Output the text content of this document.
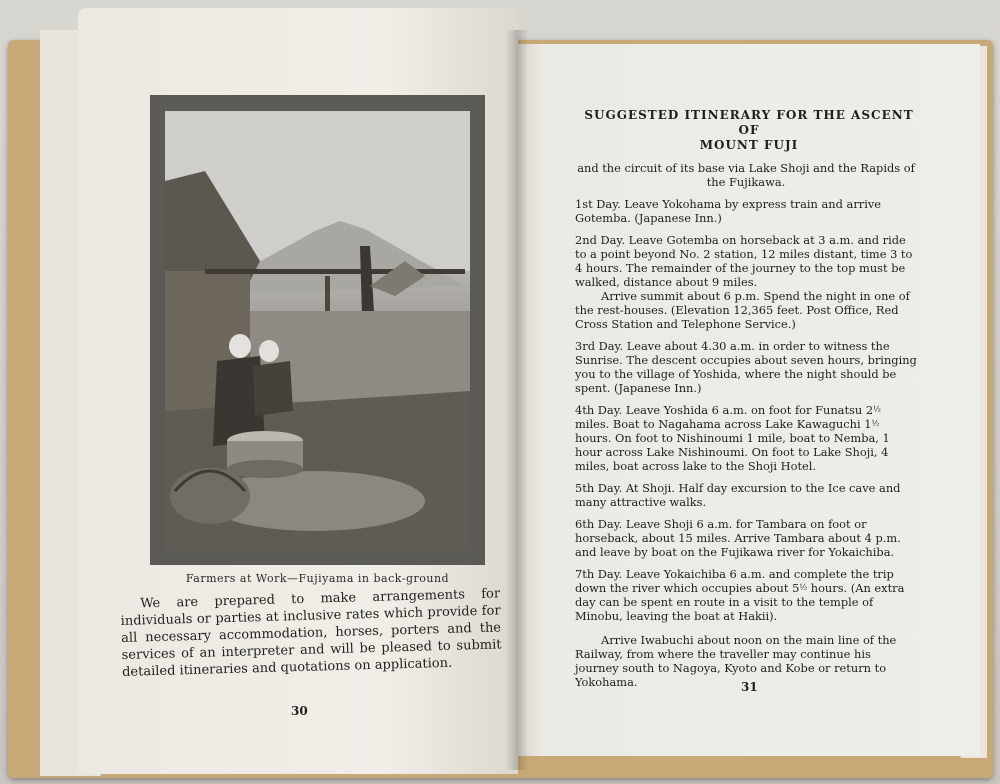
Farmers at Work—Fujiyama in back-ground
We are prepared to make arrangements for individuals or parties at inclusive rates which provide for all necessary accommodation, horses, porters and the services of an interpreter and will be pleased to submit detailed itineraries and quotations on application.
30
SUGGESTED ITINERARY FOR THE ASCENT OF
MOUNT FUJI
and the circuit of its base via Lake Shoji and the Rapids of the Fujikawa.
1st Day. Leave Yokohama by express train and arrive Gotemba. (Japanese Inn.)
2nd Day. Leave Gotemba on horseback at 3 a.m. and ride to a point beyond No. 2 station, 12 miles distant, time 3 to 4 hours. The remainder of the journey to the top must be walked, distance about 9 miles.
Arrive summit about 6 p.m. Spend the night in one of the rest-houses. (Elevation 12,365 feet. Post Office, Red Cross Station and Telephone Service.)
3rd Day. Leave about 4.30 a.m. in order to witness the Sunrise. The descent occupies about seven hours, bringing you to the village of Yoshida, where the night should be spent. (Japanese Inn.)
4th Day. Leave Yoshida 6 a.m. on foot for Funatsu 2½ miles. Boat to Nagahama across Lake Kawaguchi 1½ hours. On foot to Nishinoumi 1 mile, boat to Nemba, 1 hour across Lake Nishinoumi. On foot to Lake Shoji, 4 miles, boat across lake to the Shoji Hotel.
5th Day. At Shoji. Half day excursion to the Ice cave and many attractive walks.
6th Day. Leave Shoji 6 a.m. for Tambara on foot or horseback, about 15 miles. Arrive Tambara about 4 p.m. and leave by boat on the Fujikawa river for Yokaichiba.
7th Day. Leave Yokaichiba 6 a.m. and complete the trip down the river which occupies about 5½ hours. (An extra day can be spent en route in a visit to the temple of Minobu, leaving the boat at Hakii).
Arrive Iwabuchi about noon on the main line of the Railway, from where the traveller may continue his journey south to Nagoya, Kyoto and Kobe or return to Yokohama.	31
